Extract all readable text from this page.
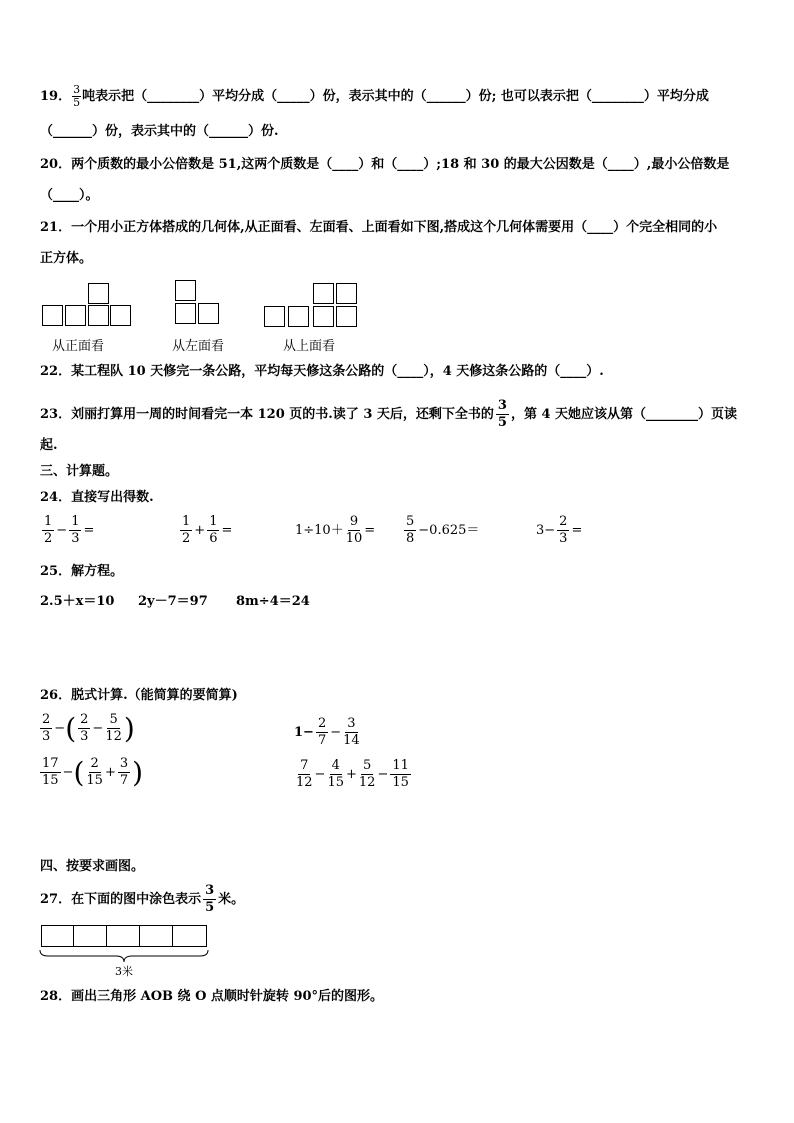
19． $\frac{3}{5}$ 吨表示把（________）平均分成（_____）份，表示其中的（______）份; 也可以表示把（________）平均分成
（______）份，表示其中的（______）份.
20．两个质数的最小公倍数是 51,这两个质数是（____）和（____）;18 和 30 的最大公因数是（____）,最小公倍数是
（____）。
21．一个用小正方体搭成的几何体,从正面看、左面看、上面看如下图,搭成这个几何体需要用（____）个完全相同的小
正方体。
从正面看	从左面看	从上面看
22．某工程队 10 天修完一条公路，平均每天修这条公路的（____），4 天修这条公路的（____）.
23．刘丽打算用一周的时间看完一本 120 页的书.读了 3 天后，还剩下全书的 $\frac{3}{5}$ ，第 4 天她应该从第（________）页读
起.
三、计算题。
24．直接写出得数.
$\frac{1}{2} - \frac{1}{3}$ =	$\frac{1}{2} + \frac{1}{6}$ =	$1\div 10+ \frac{9}{10} = \frac{5}{8} -0.625=$	$3- \frac{2}{3}$ =
25．解方程。
2.5＋x＝10 2y－7＝97 8m÷4＝24
26．脱式计算.（能简算的要简算)
$\frac{2}{3}$ −( $\frac{2}{3} - \frac{5}{12}$ )	$1- \frac{2}{7} - \frac{3}{14}$
$\frac{17}{15}$ −( $\frac{2}{15} + \frac{3}{7}$ )	$\frac{7}{12} - \frac{4}{15} + \frac{5}{12} - \frac{11}{15}$
四、按要求画图。
27．在下面的图中涂色表示 $\frac{3}{5}$ 米。
3米
28．画出三角形 AOB 绕 O 点顺时针旋转 90°后的图形。
